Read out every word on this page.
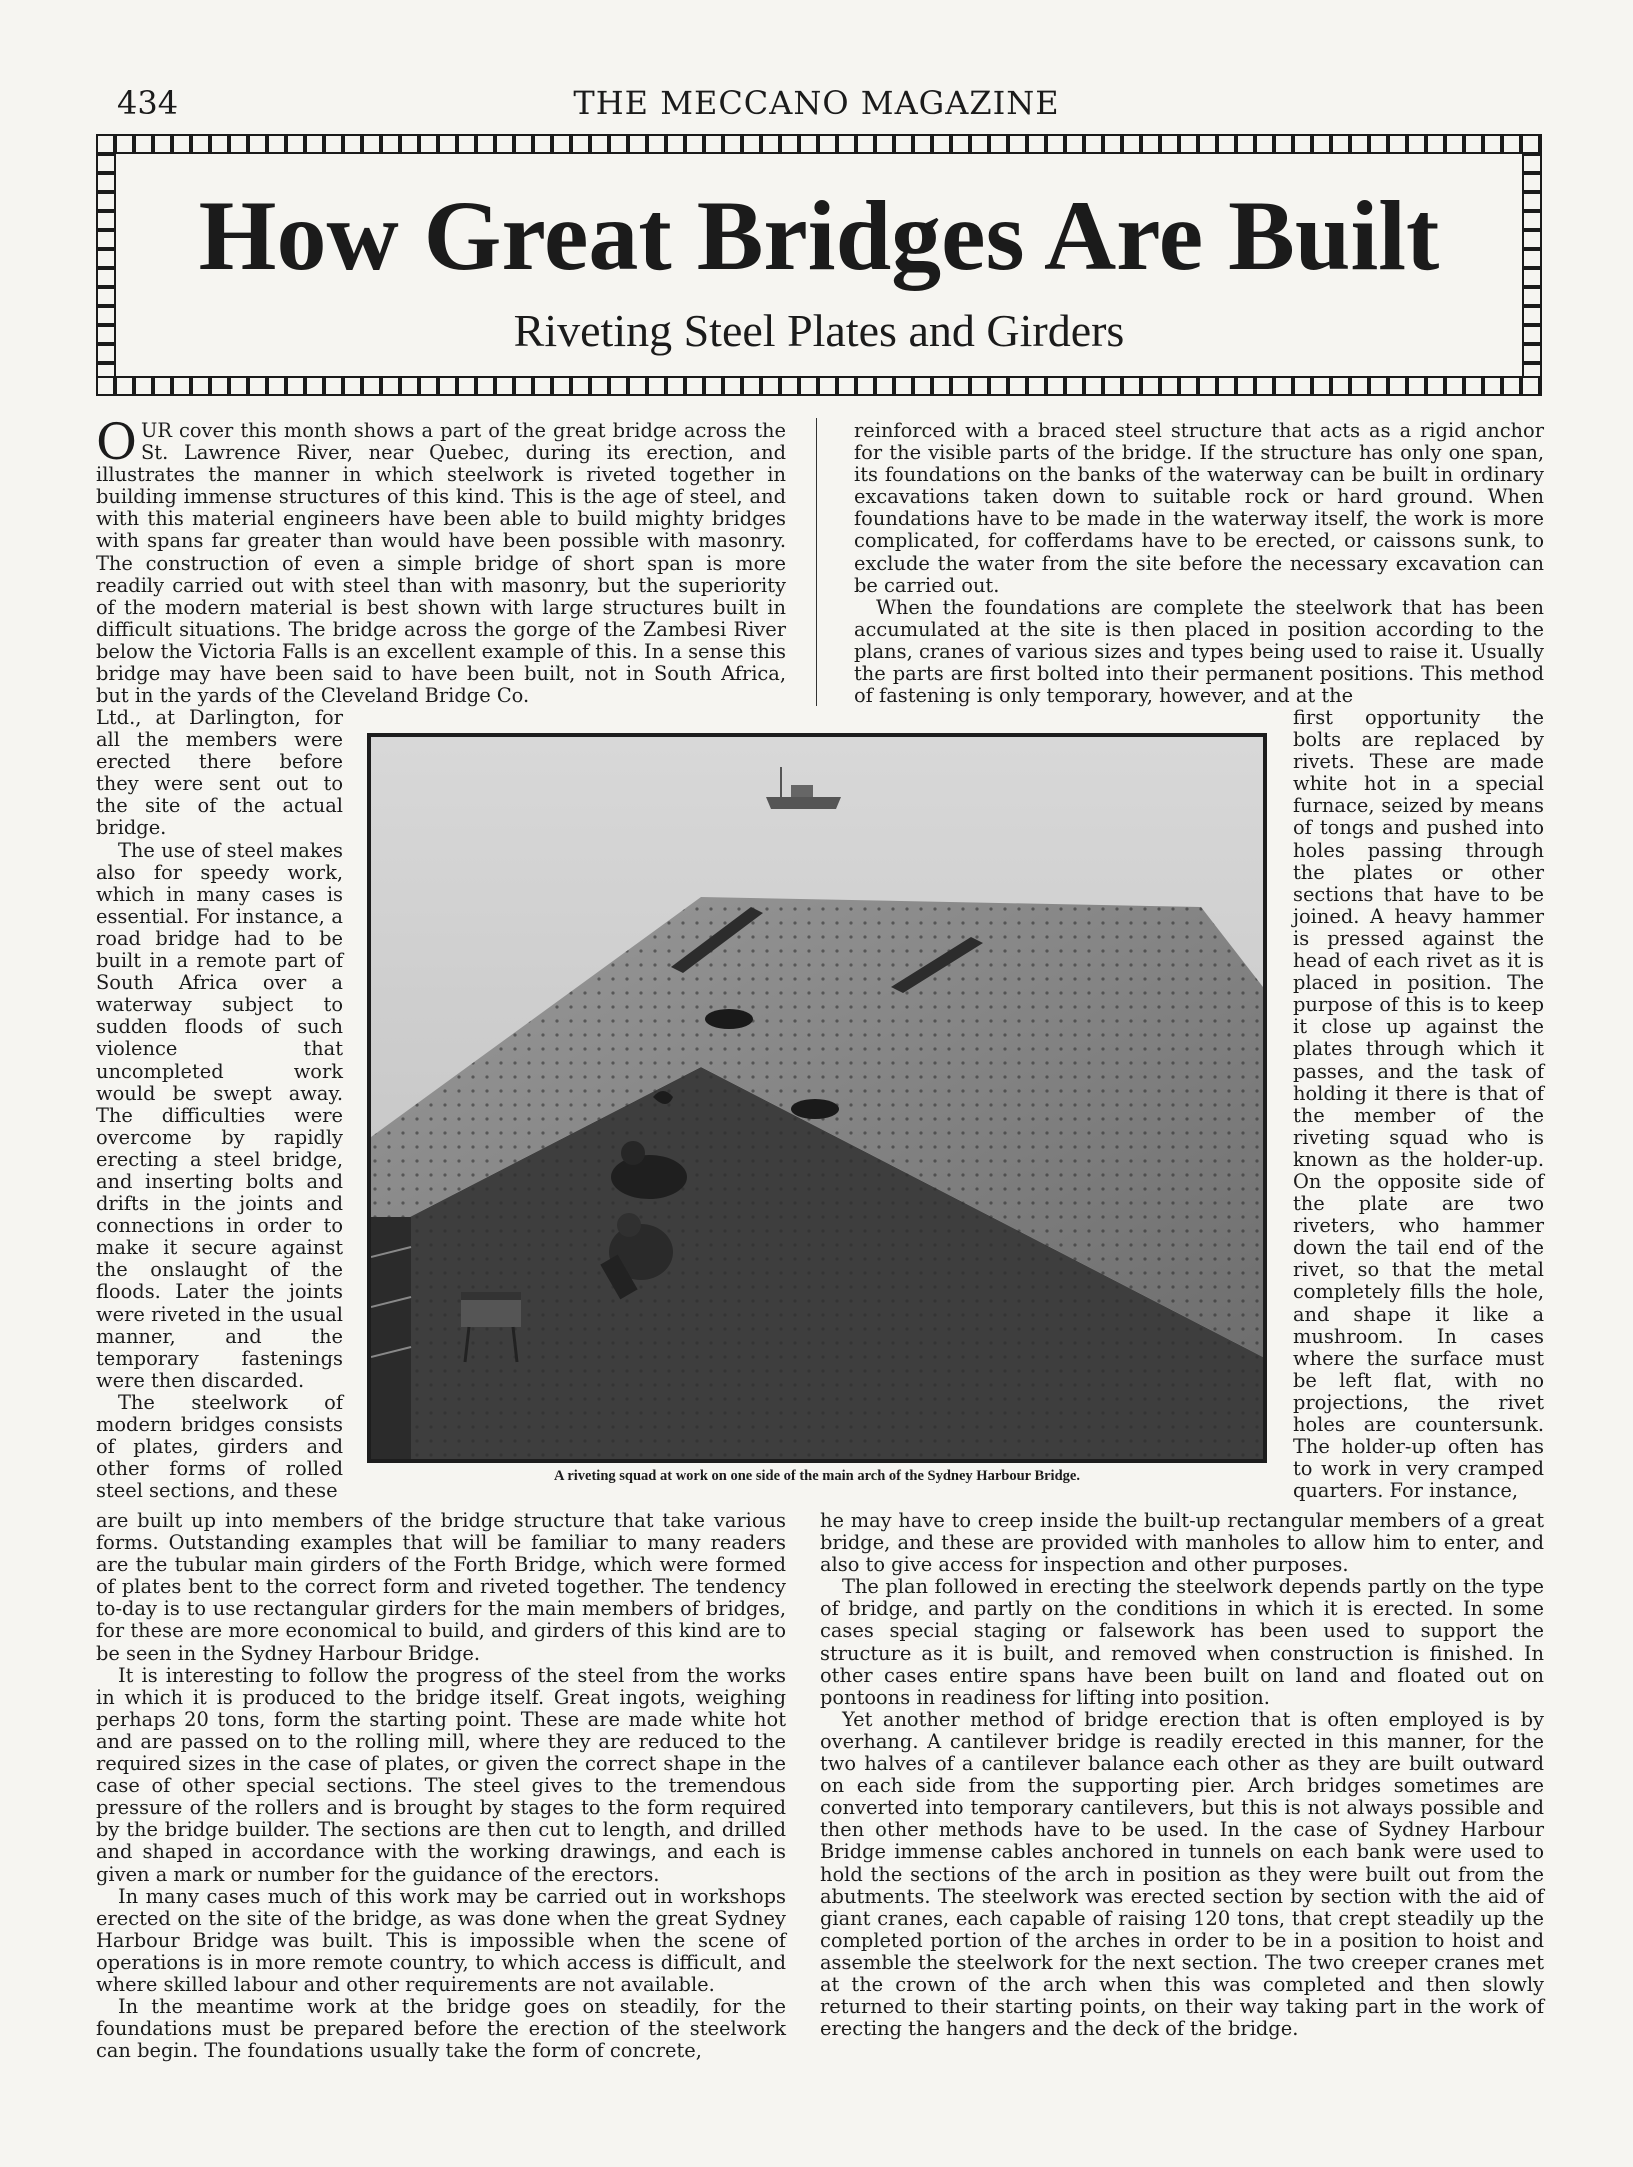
434	THE MECCANO MAGAZINE
How Great Bridges Are Built
Riveting Steel Plates and Girders

OUR cover this month shows a part of the great bridge across the St. Lawrence River, near Quebec, during its erection, and illustrates the manner in which steelwork is riveted together in building immense structures of this kind. This is the age of steel, and with this material engineers have been able to build mighty bridges with spans far greater than would have been possible with masonry. The construction of even a simple bridge of short span is more readily carried out with steel than with masonry, but the superiority of the modern material is best shown with large structures built in difficult situations. The bridge across the gorge of the Zambesi River below the Victoria Falls is an excellent example of this. In a sense this bridge may have been said to have been built, not in South Africa, but in the yards of the Cleveland Bridge Co.

Ltd., at Darlington, for all the members were erected there before they were sent out to the site of the actual bridge.

The use of steel makes also for speedy work, which in many cases is essential. For instance, a road bridge had to be built in a remote part of South Africa over a waterway subject to sudden floods of such violence that uncompleted work would be swept away. The difficulties were overcome by rapidly erecting a steel bridge, and inserting bolts and drifts in the joints and connections in order to make it secure against the onslaught of the floods. Later the joints were riveted in the usual manner, and the temporary fastenings were then discarded.

The steelwork of modern bridges consists of plates, girders and other forms of rolled steel sections, and these

are built up into members of the bridge structure that take various forms. Outstanding examples that will be familiar to many readers are the tubular main girders of the Forth Bridge, which were formed of plates bent to the correct form and riveted together. The tendency to-day is to use rectangular girders for the main members of bridges, for these are more economical to build, and girders of this kind are to be seen in the Sydney Harbour Bridge.

It is interesting to follow the progress of the steel from the works in which it is produced to the bridge itself. Great ingots, weighing perhaps 20 tons, form the starting point. These are made white hot and are passed on to the rolling mill, where they are reduced to the required sizes in the case of plates, or given the correct shape in the case of other special sections. The steel gives to the tremendous pressure of the rollers and is brought by stages to the form required by the bridge builder. The sections are then cut to length, and drilled and shaped in accordance with the working drawings, and each is given a mark or number for the guidance of the erectors.

In many cases much of this work may be carried out in workshops erected on the site of the bridge, as was done when the great Sydney Harbour Bridge was built. This is impossible when the scene of operations is in more remote country, to which access is difficult, and where skilled labour and other requirements are not available.

In the meantime work at the bridge goes on steadily, for the foundations must be prepared before the erection of the steelwork can begin. The foundations usually take the form of concrete,

reinforced with a braced steel structure that acts as a rigid anchor for the visible parts of the bridge. If the structure has only one span, its foundations on the banks of the waterway can be built in ordinary excavations taken down to suitable rock or hard ground. When foundations have to be made in the waterway itself, the work is more complicated, for cofferdams have to be erected, or caissons sunk, to exclude the water from the site before the necessary excavation can be carried out.

When the foundations are complete the steelwork that has been accumulated at the site is then placed in position according to the plans, cranes of various sizes and types being used to raise it. Usually the parts are first bolted into their permanent positions. This method of fastening is only temporary, however, and at the

first opportunity the bolts are replaced by rivets. These are made white hot in a special furnace, seized by means of tongs and pushed into holes passing through the plates or other sections that have to be joined. A heavy hammer is pressed against the head of each rivet as it is placed in position. The purpose of this is to keep it close up against the plates through which it passes, and the task of holding it there is that of the member of the riveting squad who is known as the holder-up. On the opposite side of the plate are two riveters, who hammer down the tail end of the rivet, so that the metal completely fills the hole, and shape it like a mushroom. In cases where the surface must be left flat, with no projections, the rivet holes are countersunk. The holder-up often has to work in very cramped quarters. For instance,

he may have to creep inside the built-up rectangular members of a great bridge, and these are provided with manholes to allow him to enter, and also to give access for inspection and other purposes.

The plan followed in erecting the steelwork depends partly on the type of bridge, and partly on the conditions in which it is erected. In some cases special staging or falsework has been used to support the structure as it is built, and removed when construction is finished. In other cases entire spans have been built on land and floated out on pontoons in readiness for lifting into position.

Yet another method of bridge erection that is often employed is by overhang. A cantilever bridge is readily erected in this manner, for the two halves of a cantilever balance each other as they are built outward on each side from the supporting pier. Arch bridges sometimes are converted into temporary cantilevers, but this is not always possible and then other methods have to be used. In the case of Sydney Harbour Bridge immense cables anchored in tunnels on each bank were used to hold the sections of the arch in position as they were built out from the abutments. The steelwork was erected section by section with the aid of giant cranes, each capable of raising 120 tons, that crept steadily up the completed portion of the arches in order to be in a position to hoist and assemble the steelwork for the next section. The two creeper cranes met at the crown of the arch when this was completed and then slowly returned to their starting points, on their way taking part in the work of erecting the hangers and the deck of the bridge.

A riveting squad at work on one side of the main arch of the Sydney Harbour Bridge.
